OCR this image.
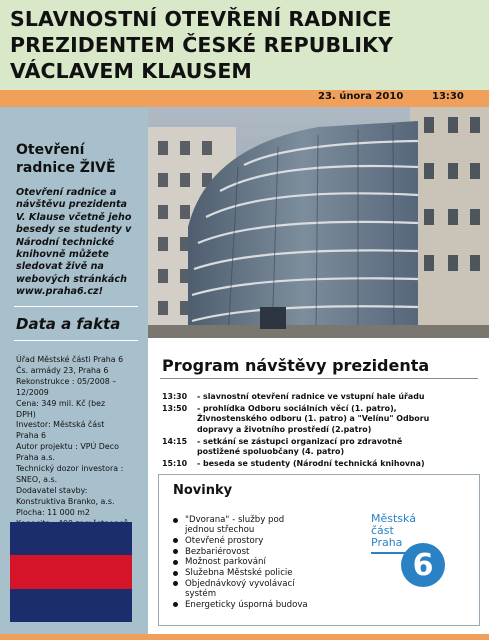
SLAVNOSTNÍ OTEVŘENÍ RADNICE
PREZIDENTEM ČESKÉ REPUBLIKY
VÁCLAVEM KLAUSEM
23. února 2010	13:30
Otevření
radnice ŽIVĚ

Otevření radnice a
návštěvu prezidenta
V. Klause včetně jeho
besedy se studenty v
Národní technické
knihovně můžete
sledovat živě na
webových stránkách
www.praha6.cz!

Data a fakta

Úřad Městské části Praha 6
Čs. armády 23, Praha 6
Rekonstrukce : 05/2008 –
12/2009
Cena: 349 mil. Kč (bez
DPH)
Investor: Městská část
Praha 6
Autor projektu : VPÚ Deco
Praha a.s.
Technický dozor investora :
SNEO, a.s.
Dodavatel stavby:
Konstruktiva Branko, a.s.
Plocha: 11 000 m2

Program návštěvy prezidenta
13:30 - slavnostní otevření radnice ve vstupní hale úřadu
13:50 - prohlídka Odboru sociálních věcí (1. patro),
Živnostenského odboru (1. patro) a "Velínu" Odboru
dopravy a životního prostředí (2.patro)
14:15 - setkání se zástupci organizací pro zdravotně
postižené spoluobčany (4. patro)
15:10 - beseda se studenty (Národní technická knihovna)
Novinky
"Dvorana" - služby pod
jednou střechou
Otevřené prostory
Bezbariérovost
Možnost parkování
Služebna Městské policie
Objednávkový vyvolávací
systém
Energeticky úsporná budova

Městská
část
Praha

6
